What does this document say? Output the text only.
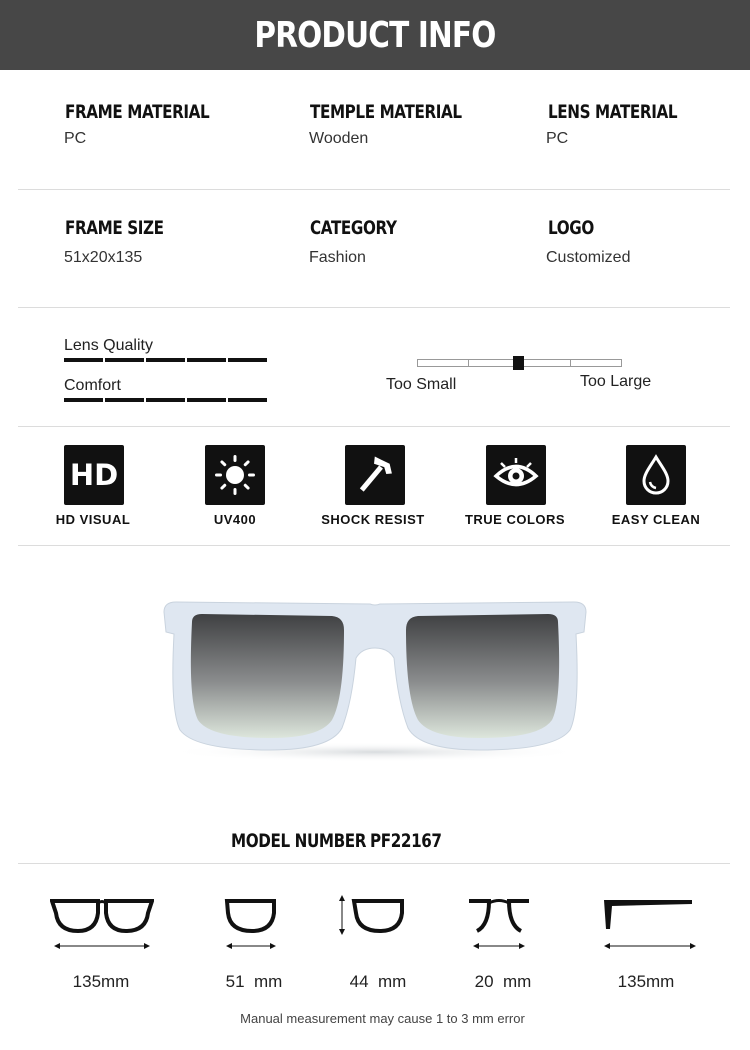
PRODUCT INFO
FRAME MATERIAL
PC
TEMPLE MATERIAL
Wooden
LENS MATERIAL
PC
FRAME SIZE
51x20x135
CATEGORY
Fashion
LOGO
Customized
Lens Quality
Comfort	Too Small	Too Large
HD
HD VISUAL	UV400	SHOCK RESIST	TRUE COLORS	EASY CLEAN
MODEL NUMBER PF22167
135mm	51  mm	44  mm	20  mm	135mm
Manual measurement may cause 1 to 3 mm error
